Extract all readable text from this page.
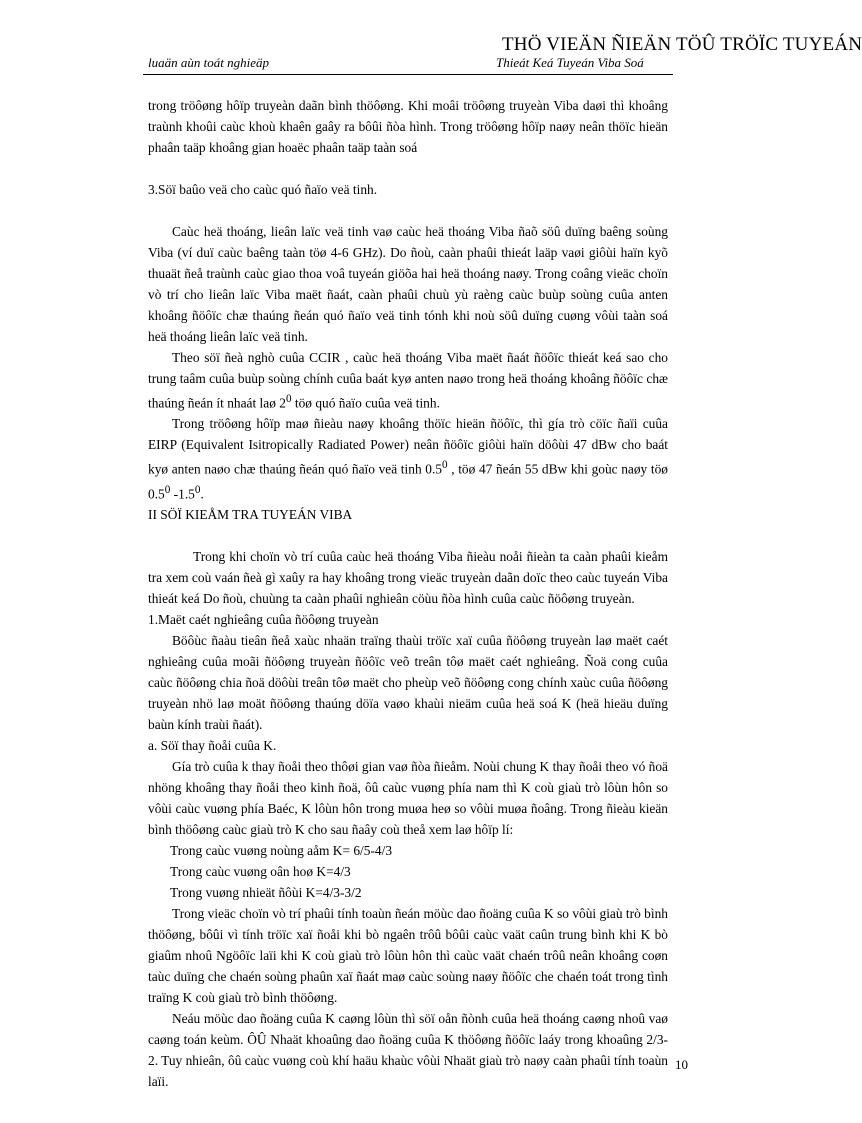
THÖ VIEÄN ÑIEÄN TÖÛ TRÖÏC TUYEÁN
luaän aùn toát nghieäp	Thieát Keá Tuyeán Viba Soá

trong tröôøng hôïp truyeàn daãn bình thöôøng. Khi moâi tröôøng truyeàn Viba daøi thì khoâng traùnh khoûi caùc khoù khaên gaây ra bôûi ñòa hình. Trong tröôøng hôïp naøy neân thöïc hieän phaân taäp khoâng gian hoaëc phaân taäp taàn soá

3.Söï baûo veä cho caùc quó ñaïo veä tinh.

Caùc heä thoáng, lieân laïc veä tinh vaø caùc heä thoáng Viba ñaõ söû duïng baêng soùng Viba (ví duï caùc baêng taàn töø 4-6 GHz). Do ñoù, caàn phaûi thieát laäp vaøi giôùi haïn kyõ thuaät ñeå traùnh caùc giao thoa voâ tuyeán giöõa hai heä thoáng naøy. Trong coâng vieäc choïn vò trí cho lieân laïc Viba maët ñaát, caàn phaûi chuù yù raèng caùc buùp soùng cuûa anten khoâng ñöôïc chæ thaúng ñeán quó ñaïo veä tinh tónh khi noù söû duïng cuøng vôùi taàn soá heä thoáng lieân laïc veä tinh.

Theo söï ñeà nghò cuûa CCIR , caùc heä thoáng Viba maët ñaát ñöôïc thieát keá sao cho trung taâm cuûa buùp soùng chính cuûa baát kyø anten naøo trong heä thoáng khoâng ñöôïc chæ thaúng ñeán ít nhaát laø $2^0$ töø quó ñaïo cuûa veä tinh.

Trong tröôøng hôïp maø ñieàu naøy khoâng thöïc hieän ñöôïc, thì gía trò cöïc ñaïi cuûa EIRP (Equivalent Isitropically Radiated Power) neân ñöôïc giôùi haïn döôùi 47 dBw cho baát kyø anten naøo chæ thaúng ñeán quó ñaïo veä tinh $0.5^0$ , töø 47 ñeán 55 dBw khi goùc naøy töø $0.5^0$ $-1.5^0$.

II SÖÏ KIEÅM TRA TUYEÁN VIBA

Trong khi choïn vò trí cuûa caùc heä thoáng Viba ñieàu noåi ñieàn ta caàn phaûi kieåm tra xem coù vaán ñeà gì xaûy ra hay khoâng trong vieäc truyeàn daãn doïc theo caùc tuyeán Viba thieát keá Do ñoù, chuùng ta caàn phaûi nghieân cöùu ñòa hình cuûa caùc ñöôøng truyeàn.

1.Maët caét nghieâng cuûa ñöôøng truyeàn

Böôùc ñaàu tieân ñeå xaùc nhaän traïng thaùi tröïc xaï cuûa ñöôøng truyeàn laø maët caét nghieâng cuûa moãi ñöôøng truyeàn ñöôïc veõ treân tôø maët caét nghieâng. Ñoä cong cuûa caùc ñöôøng chia ñoä döôùi treân tôø maët cho pheùp veõ ñöôøng cong chính xaùc cuûa ñöôøng truyeàn nhö laø moät ñöôøng thaúng döïa vaøo khaùi nieäm cuûa heä soá K (heä hieäu duïng baùn kính traùi ñaát).

a. Söï thay ñoåi cuûa K.

Gía trò cuûa k thay ñoåi theo thôøi gian vaø ñòa ñieåm. Noùi chung K thay ñoåi theo vó ñoä nhöng khoâng thay ñoåi theo kinh ñoä, ôû caùc vuøng phía nam thì K coù giaù trò lôùn hôn so vôùi caùc vuøng phía Baéc, K lôùn hôn trong muøa heø so vôùi muøa ñoâng. Trong ñieàu kieän bình thöôøng caùc giaù trò K cho sau ñaây coù theå xem laø hôïp lí:

Trong caùc vuøng noùng aåm K= 6/5-4/3

Trong caùc vuøng oân hoø K=4/3

Trong vuøng nhieät ñôùi K=4/3-3/2

Trong vieäc choïn vò trí phaûi tính toaùn ñeán möùc dao ñoäng cuûa K so vôùi giaù trò bình thöôøng, bôûi vì tính tröïc xaï ñoåi khi bò ngaên trôû bôûi caùc vaät caûn trung bình khi K bò giaûm nhoû Ngöôïc laïi khi K coù giaù trò lôùn hôn thì caùc vaät chaén trôû neân khoâng coøn taùc duïng che chaén soùng phaûn xaï ñaát maø caùc soùng naøy ñöôïc che chaén toát trong tình traïng K coù giaù trò bình thöôøng.

Neáu möùc dao ñoäng cuûa K caøng lôùn thì söï oån ñònh cuûa heä thoáng caøng nhoû vaø caøng toán keùm. ÔÛ Nhaät khoaûng dao ñoäng cuûa K thöôøng ñöôïc laáy trong khoaûng 2/3-2. Tuy nhieân, ôû caùc vuøng coù khí haäu khaùc vôùi Nhaät giaù trò naøy caàn phaûi tính toaùn laïi.

10
